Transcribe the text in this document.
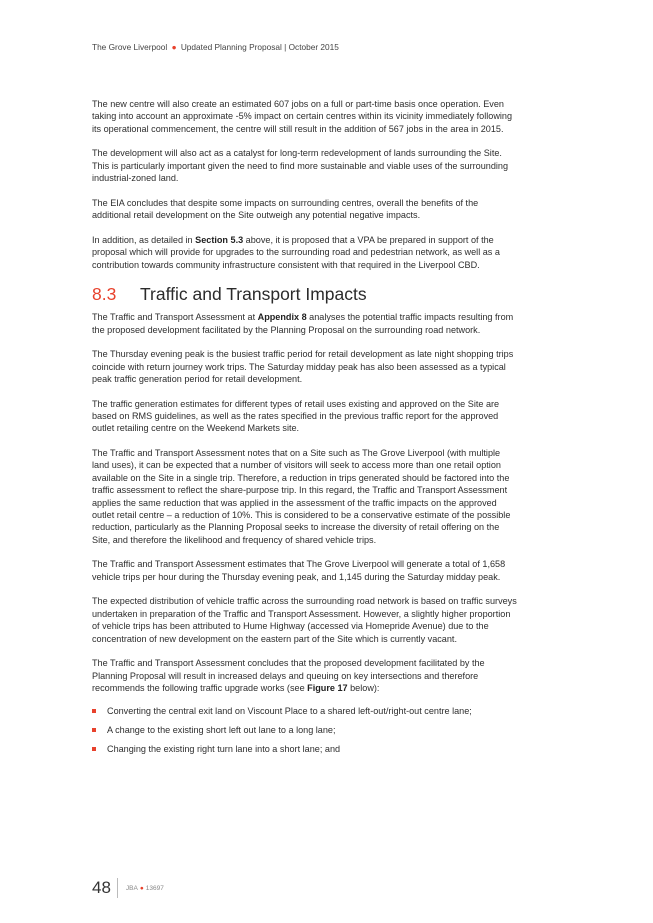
The Grove Liverpool ● Updated Planning Proposal | October 2015

The new centre will also create an estimated 607 jobs on a full or part-time basis once operation. Even taking into account an approximate -5% impact on certain centres within its vicinity immediately following its operational commencement, the centre will still result in the addition of 567 jobs in the area in 2015.

The development will also act as a catalyst for long-term redevelopment of lands surrounding the Site. This is particularly important given the need to find more sustainable and viable uses of the surrounding industrial-zoned land.

The EIA concludes that despite some impacts on surrounding centres, overall the benefits of the additional retail development on the Site outweigh any potential negative impacts.

In addition, as detailed in Section 5.3 above, it is proposed that a VPA be prepared in support of the proposal which will provide for upgrades to the surrounding road and pedestrian network, as well as a contribution towards community infrastructure consistent with that required in the Liverpool CBD.

8.3 Traffic and Transport Impacts

The Traffic and Transport Assessment at Appendix 8 analyses the potential traffic impacts resulting from the proposed development facilitated by the Planning Proposal on the surrounding road network.

The Thursday evening peak is the busiest traffic period for retail development as late night shopping trips coincide with return journey work trips. The Saturday midday peak has also been assessed as a typical peak traffic generation period for retail development.

The traffic generation estimates for different types of retail uses existing and approved on the Site are based on RMS guidelines, as well as the rates specified in the previous traffic report for the approved outlet retailing centre on the Weekend Markets site.

The Traffic and Transport Assessment notes that on a Site such as The Grove Liverpool (with multiple land uses), it can be expected that a number of visitors will seek to access more than one retail option available on the Site in a single trip. Therefore, a reduction in trips generated should be factored into the traffic assessment to reflect the share-purpose trip. In this regard, the Traffic and Transport Assessment applies the same reduction that was applied in the assessment of the traffic impacts on the approved outlet retail centre – a reduction of 10%. This is considered to be a conservative estimate of the possible reduction, particularly as the Planning Proposal seeks to increase the diversity of retail offering on the Site, and therefore the likelihood and frequency of shared vehicle trips.

The Traffic and Transport Assessment estimates that The Grove Liverpool will generate a total of 1,658 vehicle trips per hour during the Thursday evening peak, and 1,145 during the Saturday midday peak.

The expected distribution of vehicle traffic across the surrounding road network is based on traffic surveys undertaken in preparation of the Traffic and Transport Assessment. However, a slightly higher proportion of vehicle trips has been attributed to Hume Highway (accessed via Homepride Avenue) due to the concentration of new development on the eastern part of the Site which is currently vacant.

The Traffic and Transport Assessment concludes that the proposed development facilitated by the Planning Proposal will result in increased delays and queuing on key intersections and therefore recommends the following traffic upgrade works (see Figure 17 below):

Converting the central exit land on Viscount Place to a shared left-out/right-out centre lane;
A change to the existing short left out lane to a long lane;
Changing the existing right turn lane into a short lane; and
48 JBA ● 13697
